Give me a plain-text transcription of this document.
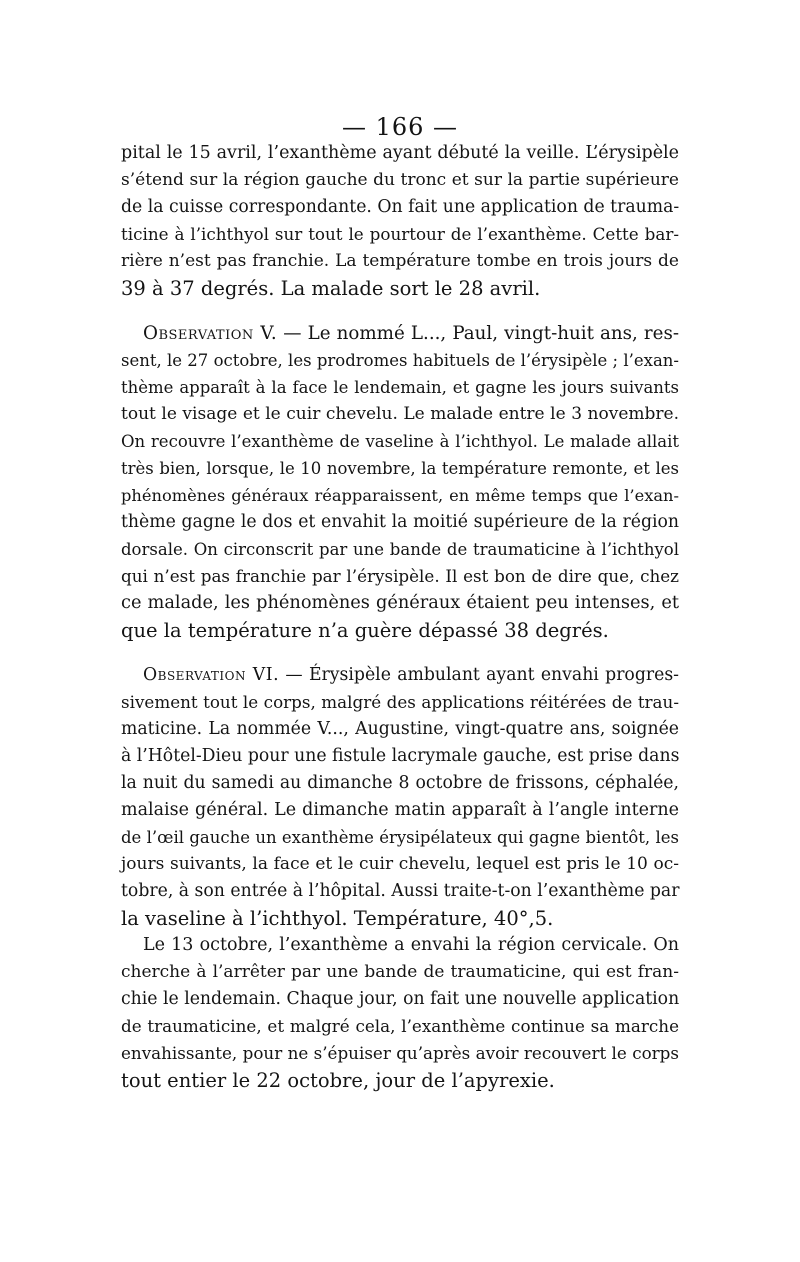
— 166 —
pital le 15 avril, l’exanthème ayant débuté la veille. L’érysipèle
s’étend sur la région gauche du tronc et sur la partie supérieure
de la cuisse correspondante. On fait une application de trauma-
ticine à l’ichthyol sur tout le pourtour de l’exanthème. Cette bar-
rière n’est pas franchie. La température tombe en trois jours de
39 à 37 degrés. La malade sort le 28 avril.
Observation V. — Le nommé L..., Paul, vingt-huit ans, res-
sent, le 27 octobre, les prodromes habituels de l’érysipèle ; l’exan-
thème apparaît à la face le lendemain, et gagne les jours suivants
tout le visage et le cuir chevelu. Le malade entre le 3 novembre.
On recouvre l’exanthème de vaseline à l’ichthyol. Le malade allait
très bien, lorsque, le 10 novembre, la température remonte, et les
phénomènes généraux réapparaissent, en même temps que l’exan-
thème gagne le dos et envahit la moitié supérieure de la région
dorsale. On circonscrit par une bande de traumaticine à l’ichthyol
qui n’est pas franchie par l’érysipèle. Il est bon de dire que, chez
ce malade, les phénomènes généraux étaient peu intenses, et
que la température n’a guère dépassé 38 degrés.
Observation VI. — Érysipèle ambulant ayant envahi progres-
sivement tout le corps, malgré des applications réitérées de trau-
maticine. La nommée V..., Augustine, vingt-quatre ans, soignée
à l’Hôtel-Dieu pour une fistule lacrymale gauche, est prise dans
la nuit du samedi au dimanche 8 octobre de frissons, céphalée,
malaise général. Le dimanche matin apparaît à l’angle interne
de l’œil gauche un exanthème érysipélateux qui gagne bientôt, les
jours suivants, la face et le cuir chevelu, lequel est pris le 10 oc-
tobre, à son entrée à l’hôpital. Aussi traite-t-on l’exanthème par
la vaseline à l’ichthyol. Température, 40°,5.
Le 13 octobre, l’exanthème a envahi la région cervicale. On
cherche à l’arrêter par une bande de traumaticine, qui est fran-
chie le lendemain. Chaque jour, on fait une nouvelle application
de traumaticine, et malgré cela, l’exanthème continue sa marche
envahissante, pour ne s’épuiser qu’après avoir recouvert le corps
tout entier le 22 octobre, jour de l’apyrexie.
